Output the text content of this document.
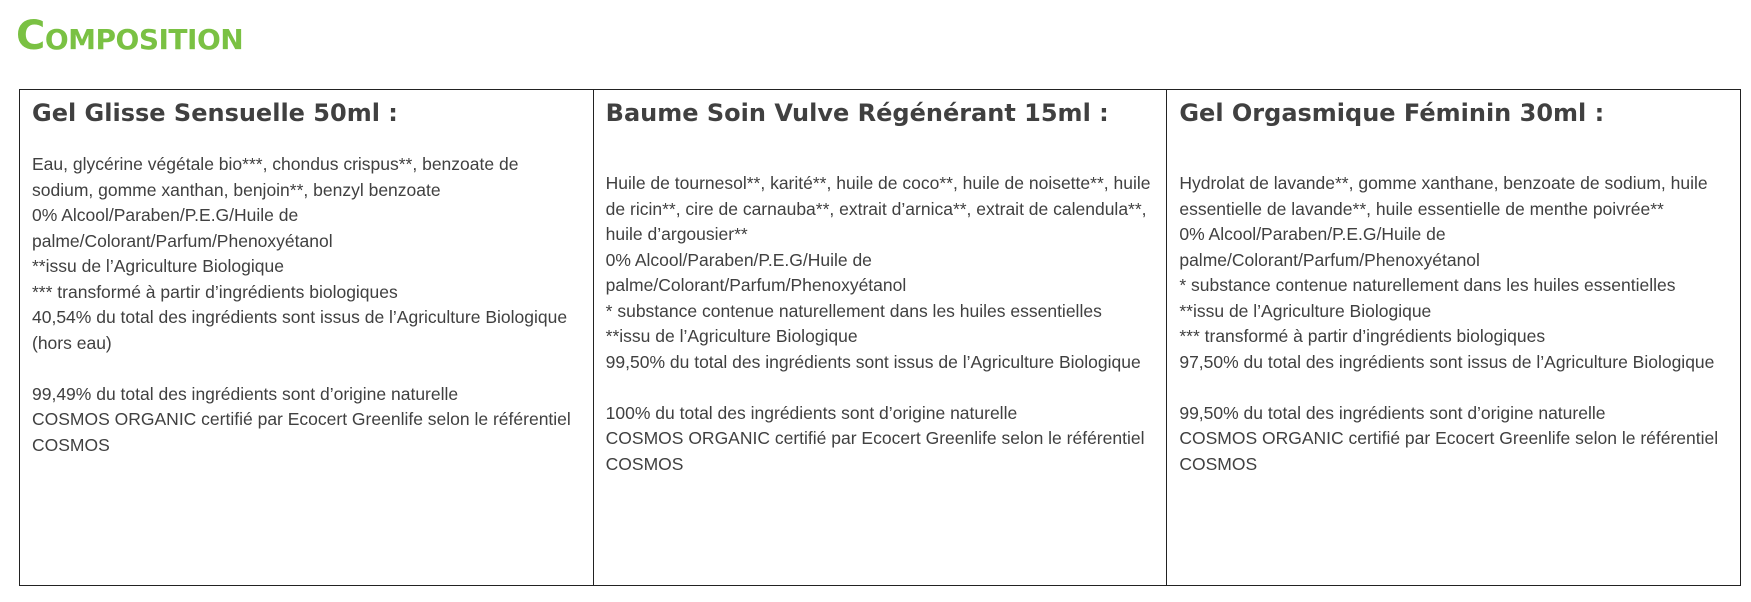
Composition
Gel Glisse Sensuelle 50ml :
Eau, glycérine végétale bio***, chondus crispus**, benzoate de sodium, gomme xanthan, benjoin**, benzyl benzoate
0% Alcool/Paraben/P.E.G/Huile de palme/Colorant/Parfum/Phenoxyétanol
**issu de l’Agriculture Biologique
*** transformé à partir d’ingrédients biologiques
40,54% du total des ingrédients sont issus de l’Agriculture Biologique (hors eau)
99,49% du total des ingrédients sont d’origine naturelle
COSMOS ORGANIC certifié par Ecocert Greenlife selon le référentiel COSMOS
Baume Soin Vulve Régénérant 15ml :
Huile de tournesol**, karité**, huile de coco**, huile de noisette**, huile de ricin**, cire de carnauba**, extrait d’arnica**, extrait de calendula**, huile d’argousier**
0% Alcool/Paraben/P.E.G/Huile de palme/Colorant/Parfum/Phenoxyétanol
* substance contenue naturellement dans les huiles essentielles
**issu de l’Agriculture Biologique
99,50% du total des ingrédients sont issus de l’Agriculture Biologique
100% du total des ingrédients sont d’origine naturelle
COSMOS ORGANIC certifié par Ecocert Greenlife selon le référentiel COSMOS
Gel Orgasmique Féminin 30ml :
Hydrolat de lavande**, gomme xanthane, benzoate de sodium, huile essentielle de lavande**, huile essentielle de menthe poivrée**
0% Alcool/Paraben/P.E.G/Huile de palme/Colorant/Parfum/Phenoxyétanol
* substance contenue naturellement dans les huiles essentielles
**issu de l’Agriculture Biologique
*** transformé à partir d’ingrédients biologiques
97,50% du total des ingrédients sont issus de l’Agriculture Biologique
99,50% du total des ingrédients sont d’origine naturelle
COSMOS ORGANIC certifié par Ecocert Greenlife selon le référentiel COSMOS
